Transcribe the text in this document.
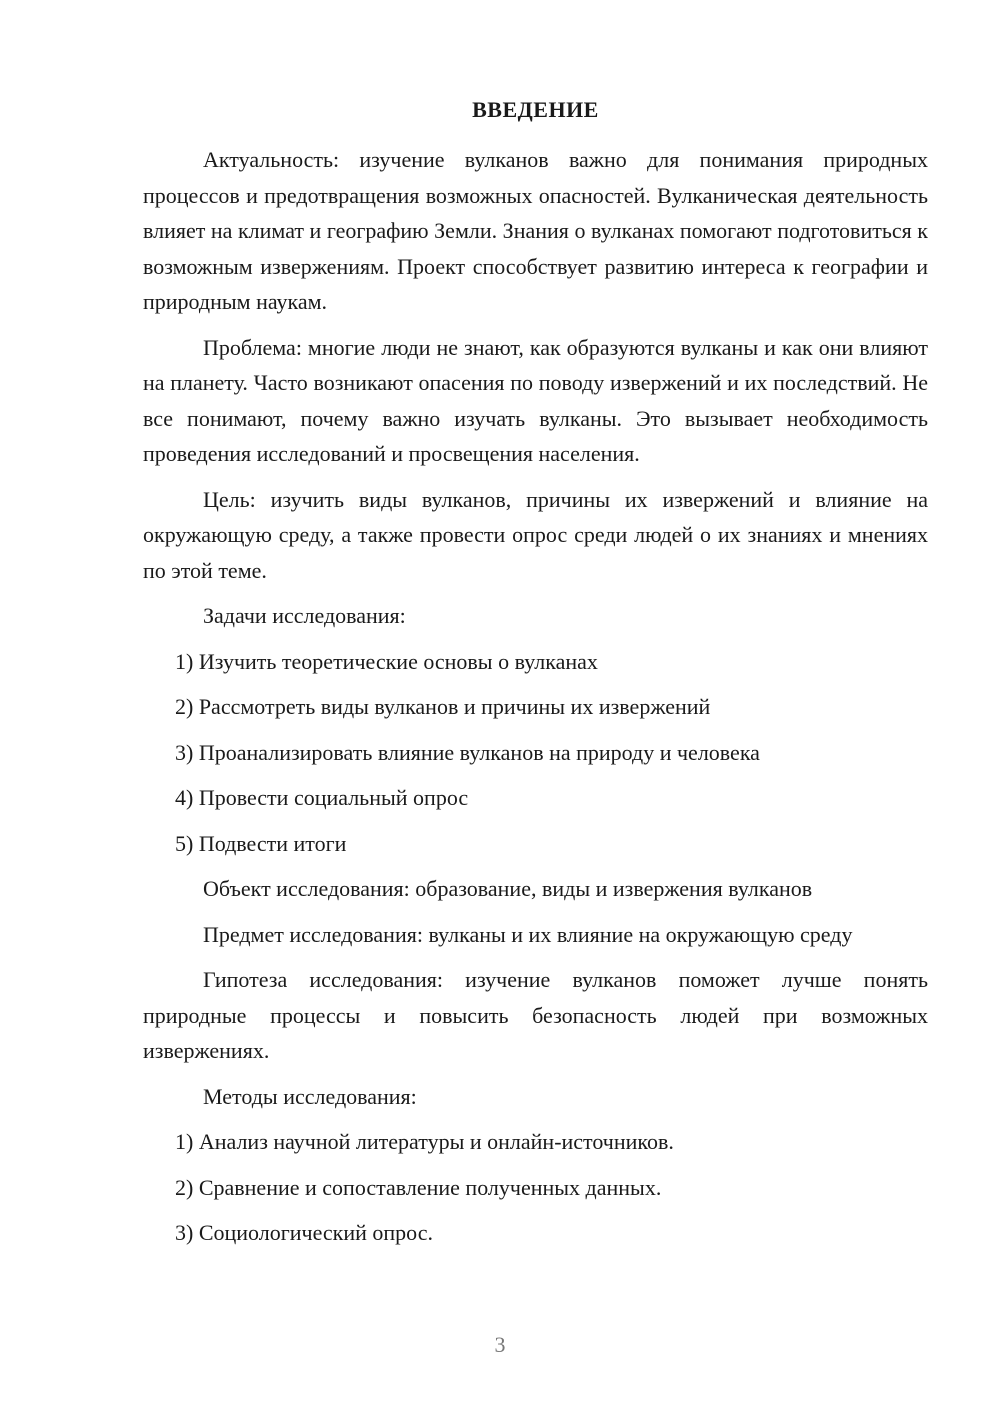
ВВЕДЕНИЕ

Актуальность: изучение вулканов важно для понимания природных процессов и предотвращения возможных опасностей. Вулканическая деятельность влияет на климат и географию Земли. Знания о вулканах помогают подготовиться к возможным извержениям. Проект способствует развитию интереса к географии и природным наукам.

Проблема: многие люди не знают, как образуются вулканы и как они влияют на планету. Часто возникают опасения по поводу извержений и их последствий. Не все понимают, почему важно изучать вулканы. Это вызывает необходимость проведения исследований и просвещения населения.

Цель: изучить виды вулканов, причины их извержений и влияние на окружающую среду, а также провести опрос среди людей о их знаниях и мнениях по этой теме.

Задачи исследования:

1) Изучить теоретические основы о вулканах

2) Рассмотреть виды вулканов и причины их извержений

3) Проанализировать влияние вулканов на природу и человека

4) Провести социальный опрос

5) Подвести итоги

Объект исследования: образование, виды и извержения вулканов

Предмет исследования: вулканы и их влияние на окружающую среду

Гипотеза исследования: изучение вулканов поможет лучше понять природные процессы и повысить безопасность людей при возможных извержениях.

Методы исследования:

1) Анализ научной литературы и онлайн-источников.

2) Сравнение и сопоставление полученных данных.

3) Социологический опрос.

3
